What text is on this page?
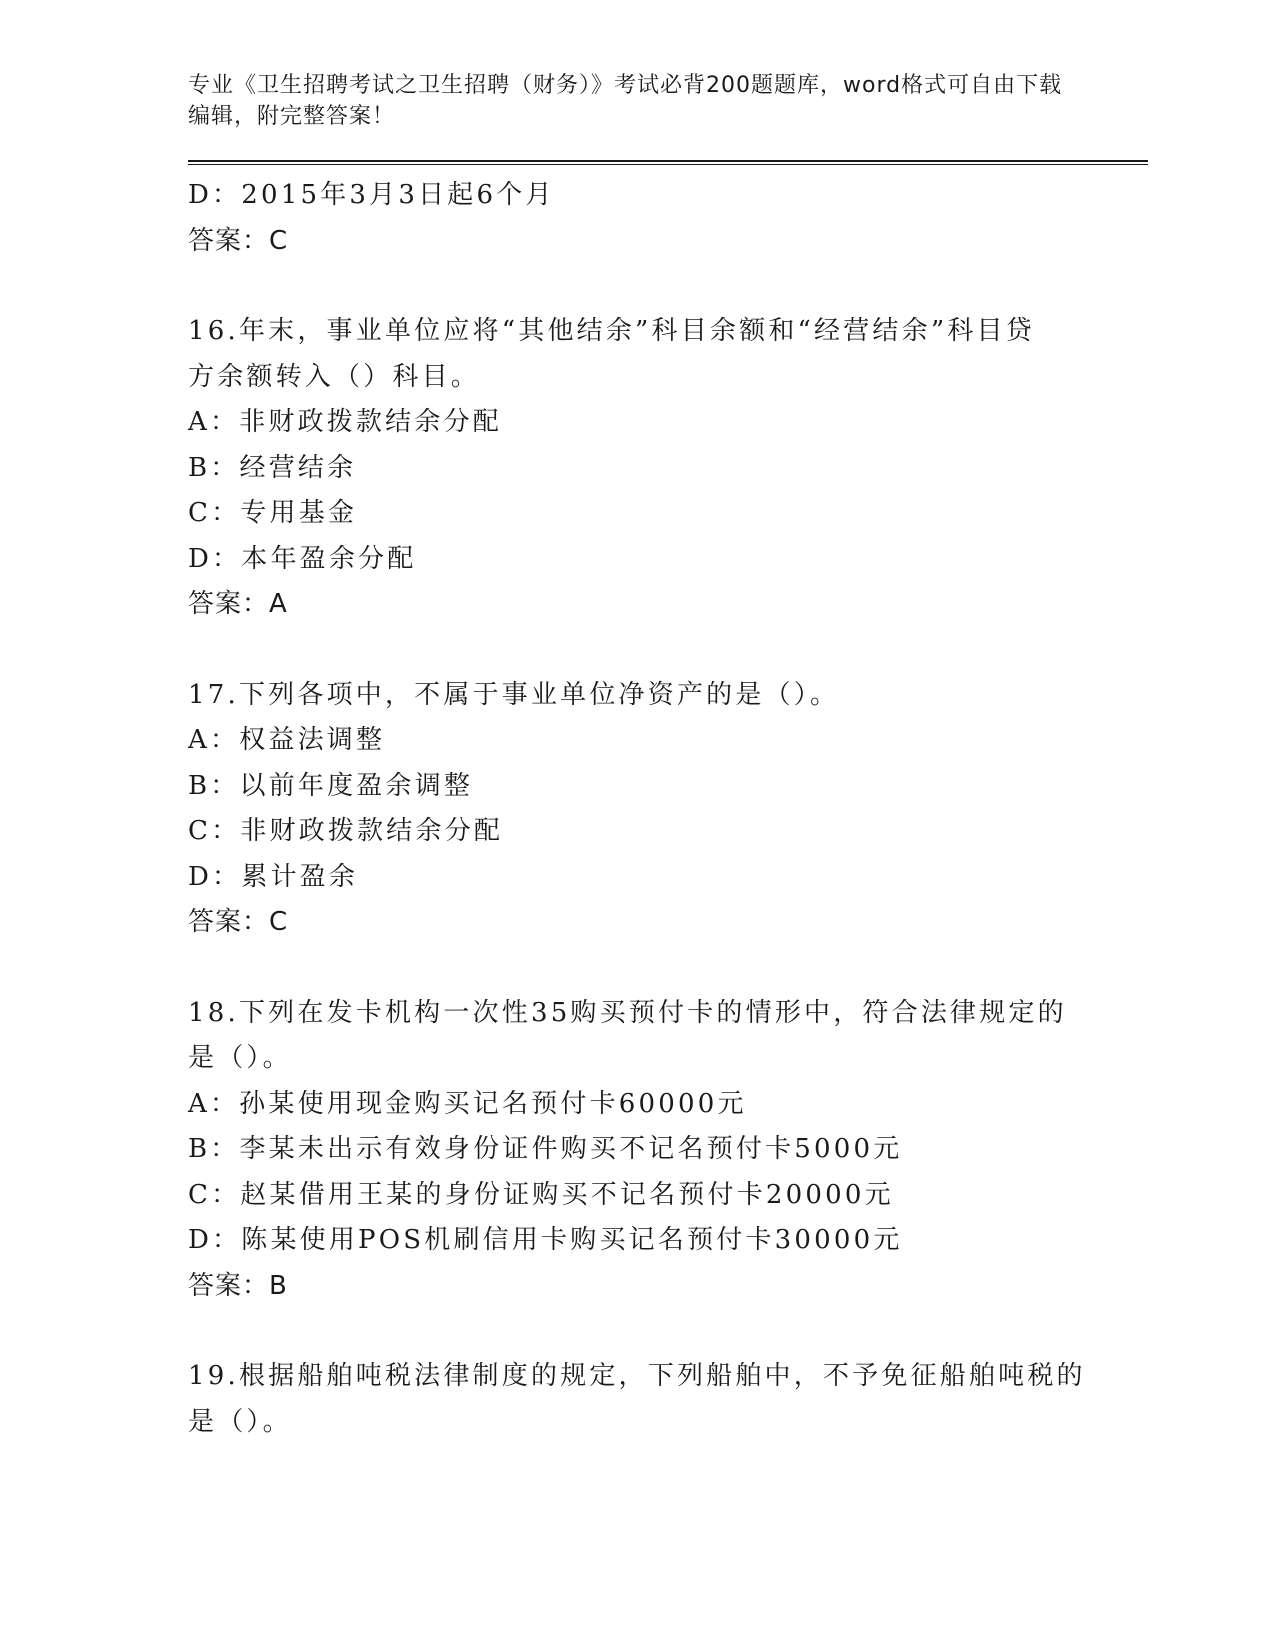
专业《卫生招聘考试之卫生招聘（财务）》考试必背200题题库，word格式可自由下载编辑，附完整答案！
D：2015年3月3日起6个月
答案：C
16.年末，事业单位应将“其他结余”科目余额和“经营结余”科目贷
方余额转入（）科目。
A：非财政拨款结余分配
B：经营结余
C：专用基金
D：本年盈余分配
答案：A
17.下列各项中，不属于事业单位净资产的是（）。
A：权益法调整
B：以前年度盈余调整
C：非财政拨款结余分配
D：累计盈余
答案：C
18.下列在发卡机构一次性35购买预付卡的情形中，符合法律规定的
是（）。
A：孙某使用现金购买记名预付卡60000元
B：李某未出示有效身份证件购买不记名预付卡5000元
C：赵某借用王某的身份证购买不记名预付卡20000元
D：陈某使用POS机刷信用卡购买记名预付卡30000元
答案：B
19.根据船舶吨税法律制度的规定，下列船舶中，不予免征船舶吨税的
是（）。
